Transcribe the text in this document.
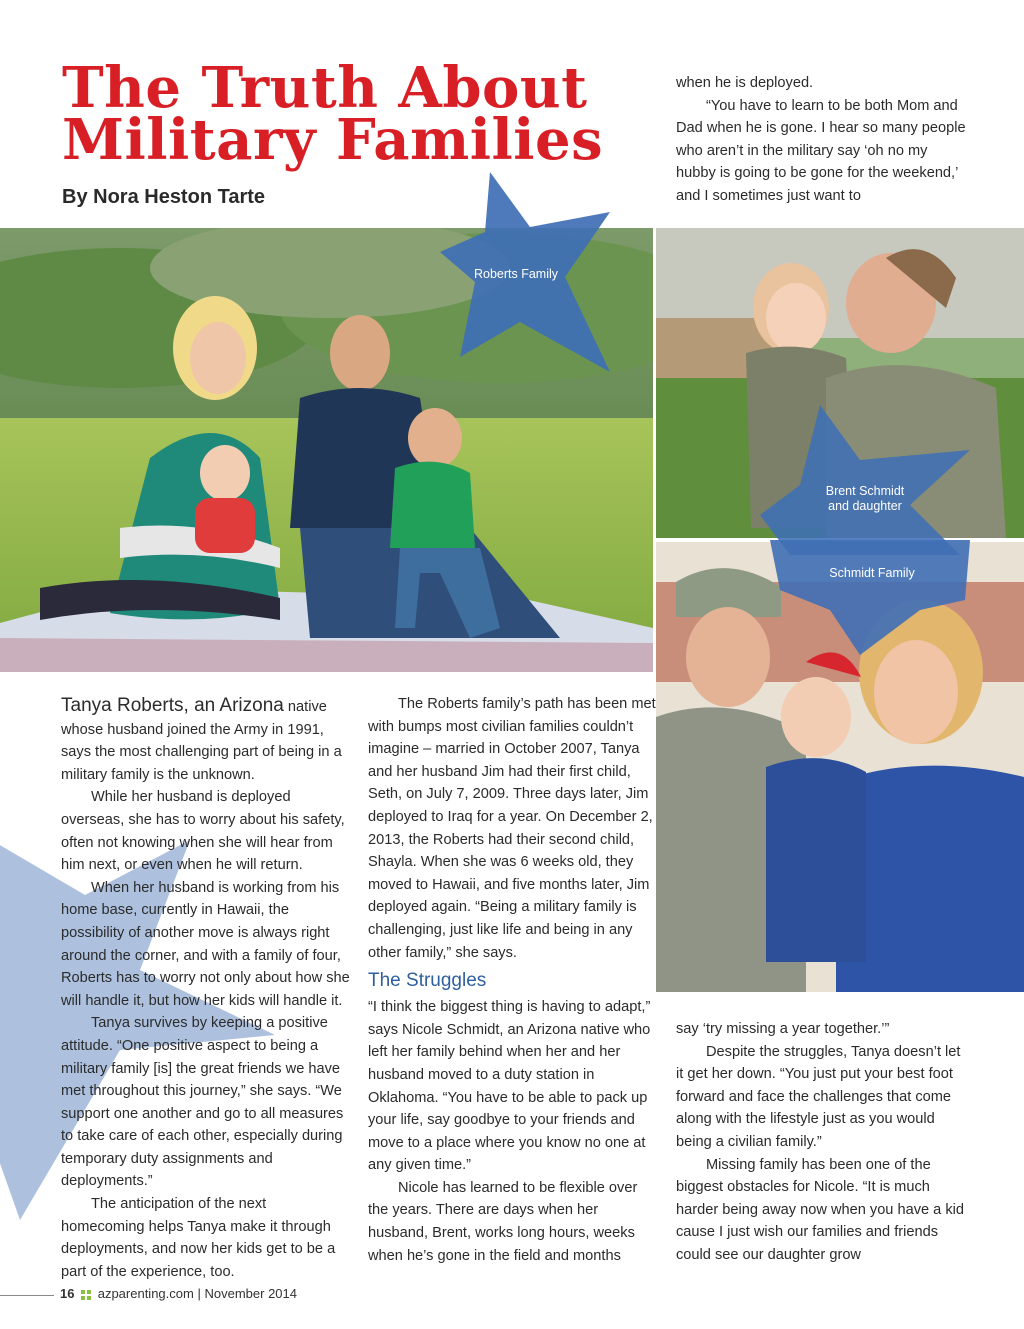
The Truth About
Military Families
By Nora Heston Tarte

when he is deployed.

“You have to learn to be both Mom and Dad when he is gone. I hear so many people who aren’t in the military say ‘oh no my hubby is going to be gone for the weekend,’ and I sometimes just want to

Roberts Family
Brent Schmidt
and daughter
Schmidt Family

Tanya Roberts, an Arizona native whose husband joined the Army in 1991, says the most challenging part of being in a military family is the unknown.

While her husband is deployed overseas, she has to worry about his safety, often not knowing when she will hear from him next, or even when he will return.

When her husband is working from his home base, currently in Hawaii, the possibility of another move is always right around the corner, and with a family of four, Roberts has to worry not only about how she will handle it, but how her kids will handle it.

Tanya survives by keeping a positive attitude. “One positive aspect to being a military family [is] the great friends we have met throughout this journey,” she says. “We support one another and go to all measures to take care of each other, especially during temporary duty assignments and deployments.”

The anticipation of the next homecoming helps Tanya make it through deployments, and now her kids get to be a part of the experience, too.

The Roberts family’s path has been met with bumps most civilian families couldn’t imagine – married in October 2007, Tanya and her husband Jim had their first child, Seth, on July 7, 2009. Three days later, Jim deployed to Iraq for a year. On December 2, 2013, the Roberts had their second child, Shayla. When she was 6 weeks old, they moved to Hawaii, and five months later, Jim deployed again. “Being a military family is challenging, just like life and being in any other family,” she says.

The Struggles

“I think the biggest thing is having to adapt,” says Nicole Schmidt, an Arizona native who left her family behind when her and her husband moved to a duty station in Oklahoma. “You have to be able to pack up your life, say goodbye to your friends and move to a place where you know no one at any given time.”

Nicole has learned to be flexible over the years. There are days when her husband, Brent, works long hours, weeks when he’s gone in the field and months

say ‘try missing a year together.’”

Despite the struggles, Tanya doesn’t let it get her down. “You just put your best foot forward and face the challenges that come along with the lifestyle just as you would being a civilian family.”

Missing family has been one of the biggest obstacles for Nicole. “It is much harder being away now when you have a kid cause I just wish our families and friends could see our daughter grow

16 azparenting.com | November 2014
